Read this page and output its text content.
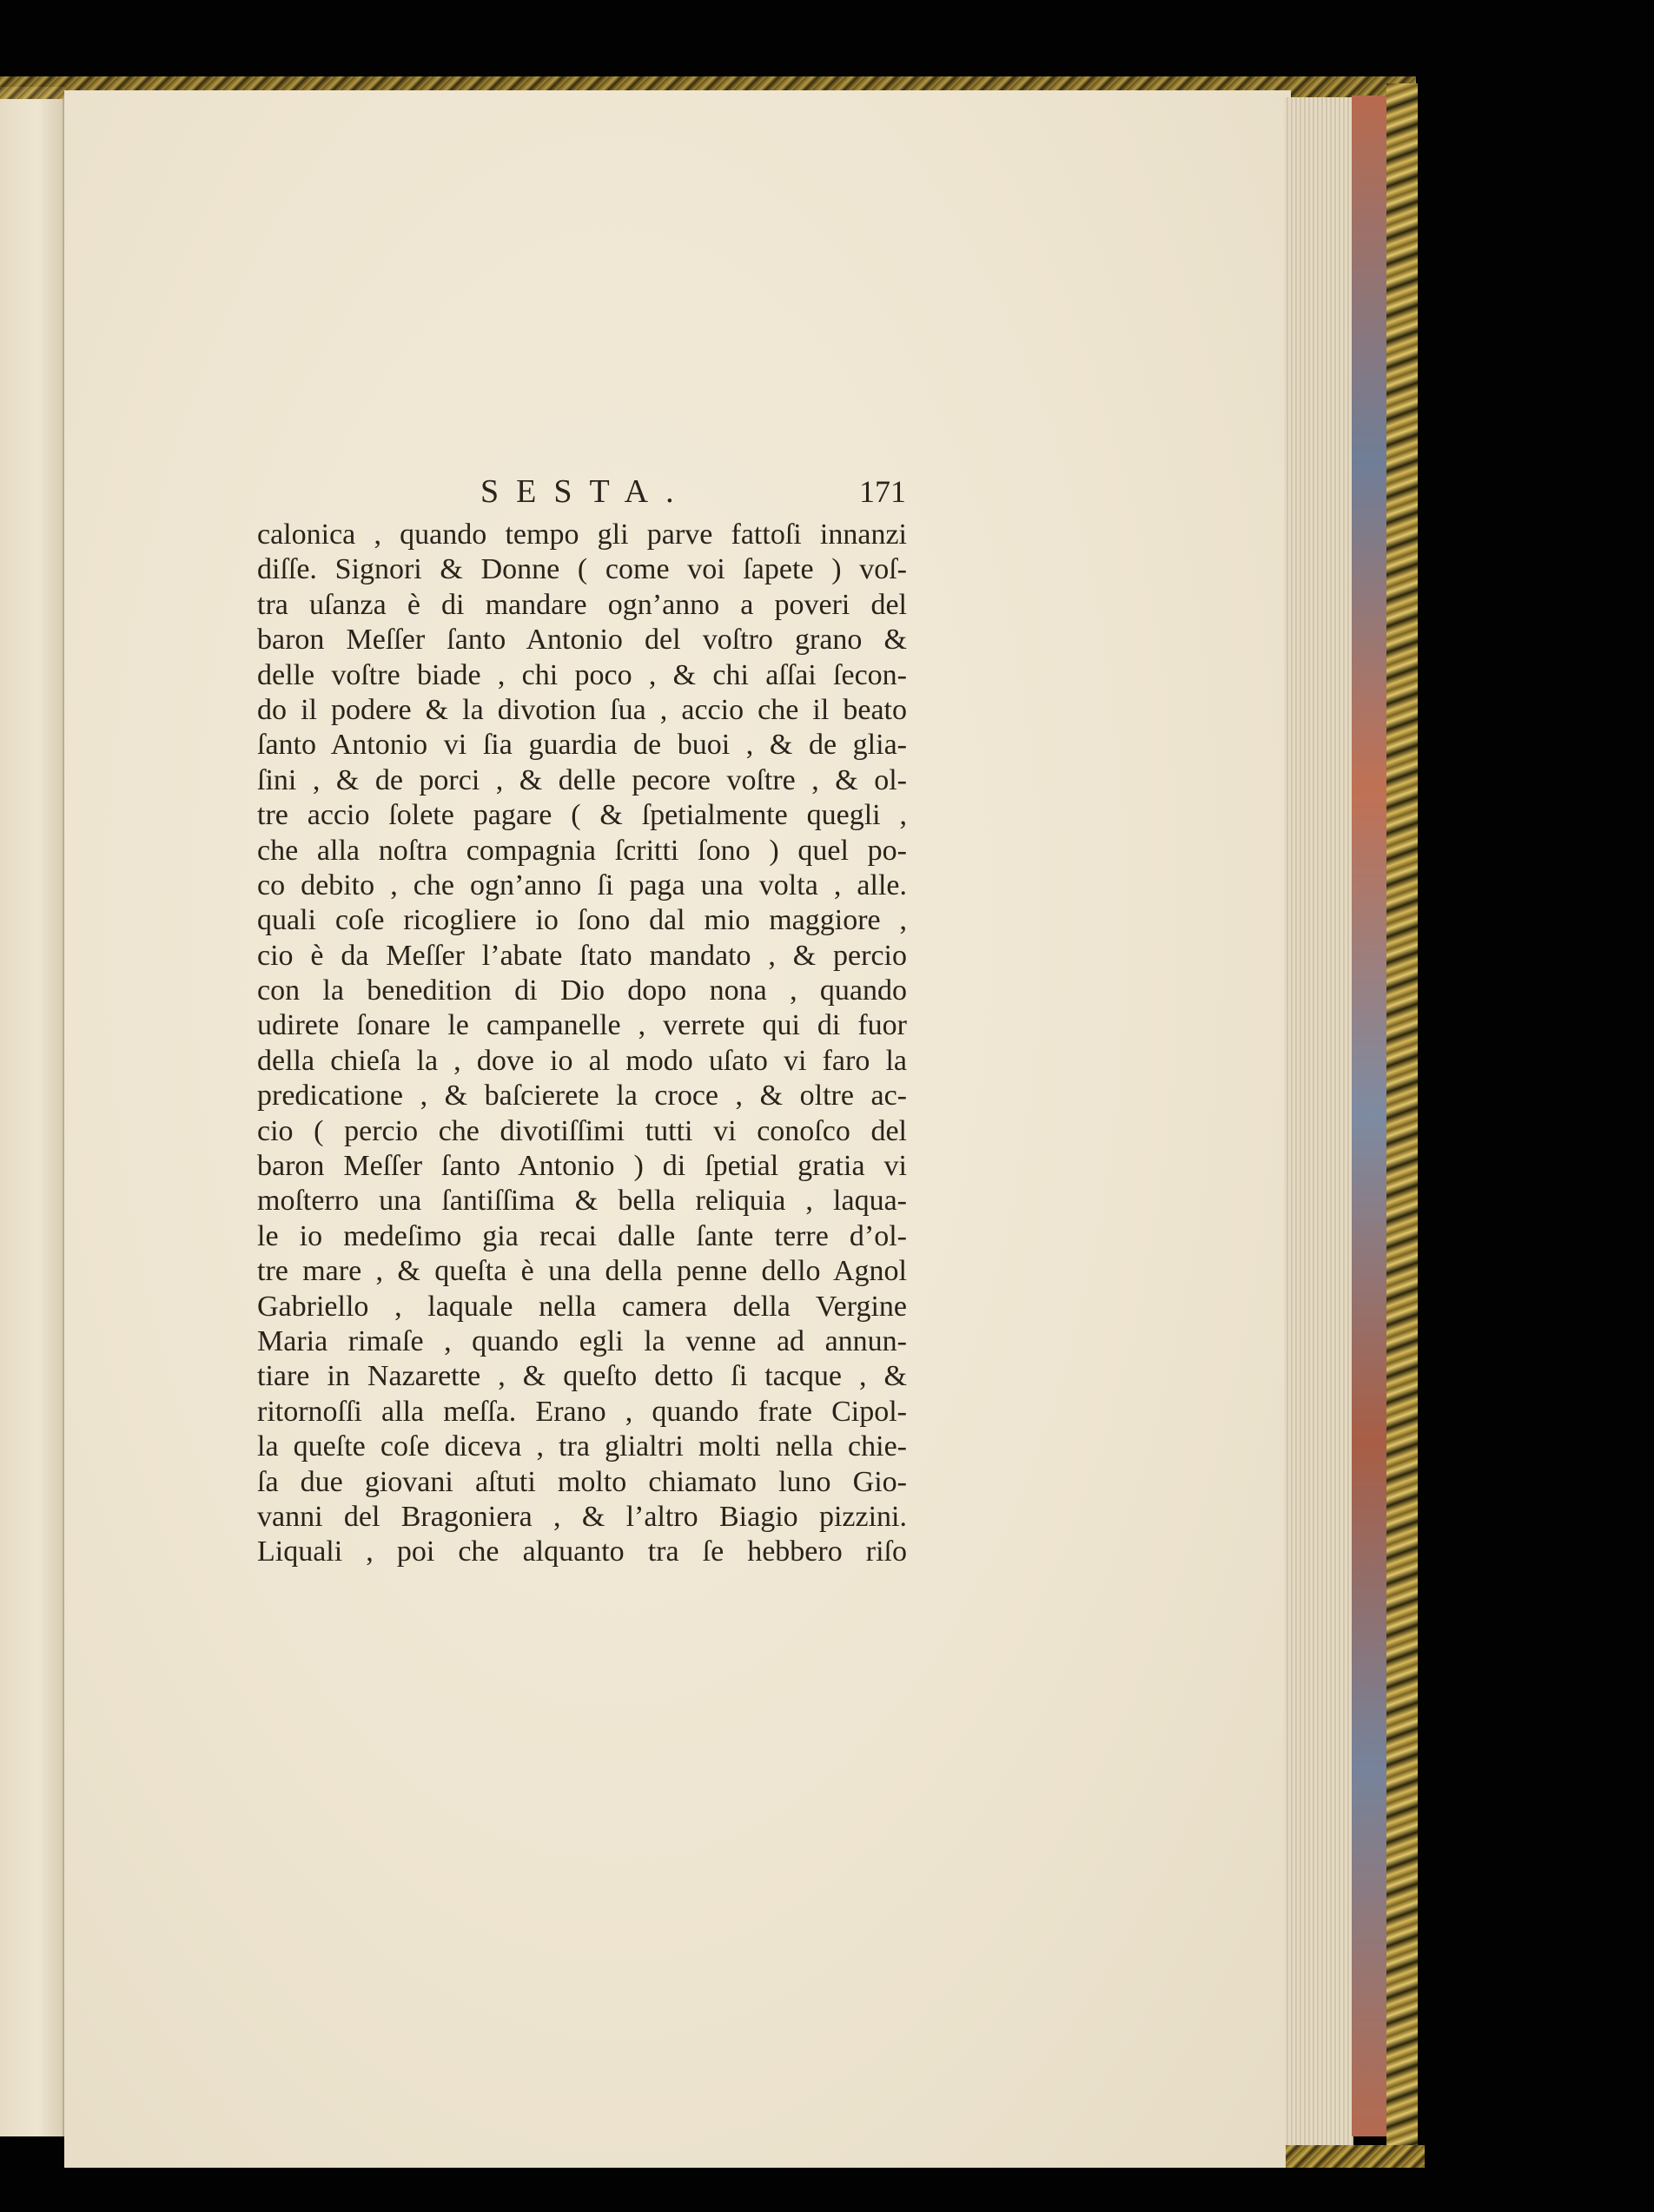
SESTA.	171
calonica , quando tempo gli parve fattoſi innanzi
diſſe. Signori & Donne ( come voi ſapete ) voſ-
tra uſanza è di mandare ogn’anno a poveri del
baron Meſſer ſanto Antonio del voſtro grano &
delle voſtre biade , chi poco , & chi aſſai ſecon-
do il podere & la divotion ſua , accio che il beato
ſanto Antonio vi ſia guardia de buoi , & de glia-
ſini , & de porci , & delle pecore voſtre , & ol-
tre accio ſolete pagare ( & ſpetialmente quegli ,
che alla noſtra compagnia ſcritti ſono ) quel po-
co debito , che ogn’anno ſi paga una volta , alle.
quali coſe ricogliere io ſono dal mio maggiore ,
cio è da Meſſer l’abate ſtato mandato , & percio
con la benedition di Dio dopo nona , quando
udirete ſonare le campanelle , verrete qui di fuor
della chieſa la , dove io al modo uſato vi faro la
predicatione , & baſcierete la croce , & oltre ac-
cio ( percio che divotiſſimi tutti vi conoſco del
baron Meſſer ſanto Antonio ) di ſpetial gratia vi
moſterro una ſantiſſima & bella reliquia , laqua-
le io medeſimo gia recai dalle ſante terre d’ol-
tre mare , & queſta è una della penne dello Agnol
Gabriello , laquale nella camera della Vergine
Maria rimaſe , quando egli la venne ad annun-
tiare in Nazarette , & queſto detto ſi tacque , &
ritornoſſi alla meſſa. Erano , quando frate Cipol-
la queſte coſe diceva , tra glialtri molti nella chie-
ſa due giovani aſtuti molto chiamato luno Gio-
vanni del Bragoniera , & l’altro Biagio pizzini.
Liquali , poi che alquanto tra ſe hebbero riſo
